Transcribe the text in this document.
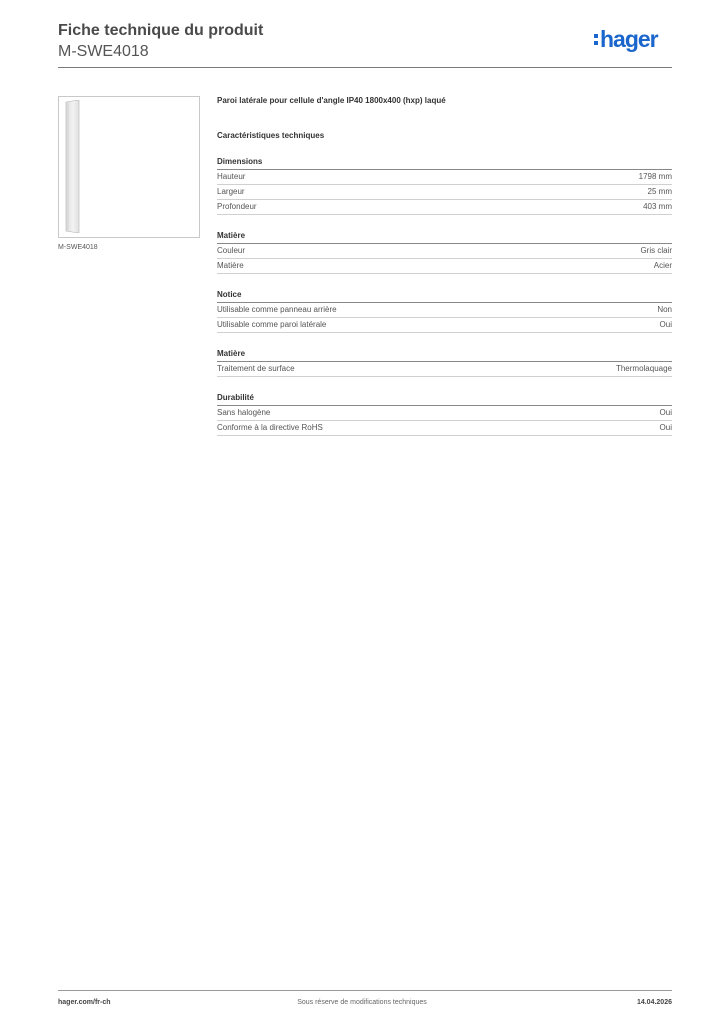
Fiche technique du produit
M-SWE4018	hager
M-SWE4018
Paroi latérale pour cellule d'angle IP40 1800x400 (hxp) laqué
Caractéristiques techniques
Dimensions
Hauteur	1798 mm
Largeur	25 mm
Profondeur	403 mm
Matière
Couleur	Gris clair
Matière	Acier
Notice
Utilisable comme panneau arrière	Non
Utilisable comme paroi latérale	Oui
Matière
Traitement de surface	Thermolaquage
Durabilité
Sans halogène	Oui
Conforme à la directive RoHS	Oui
hager.com/fr-ch	Sous réserve de modifications techniques	14.04.2026
